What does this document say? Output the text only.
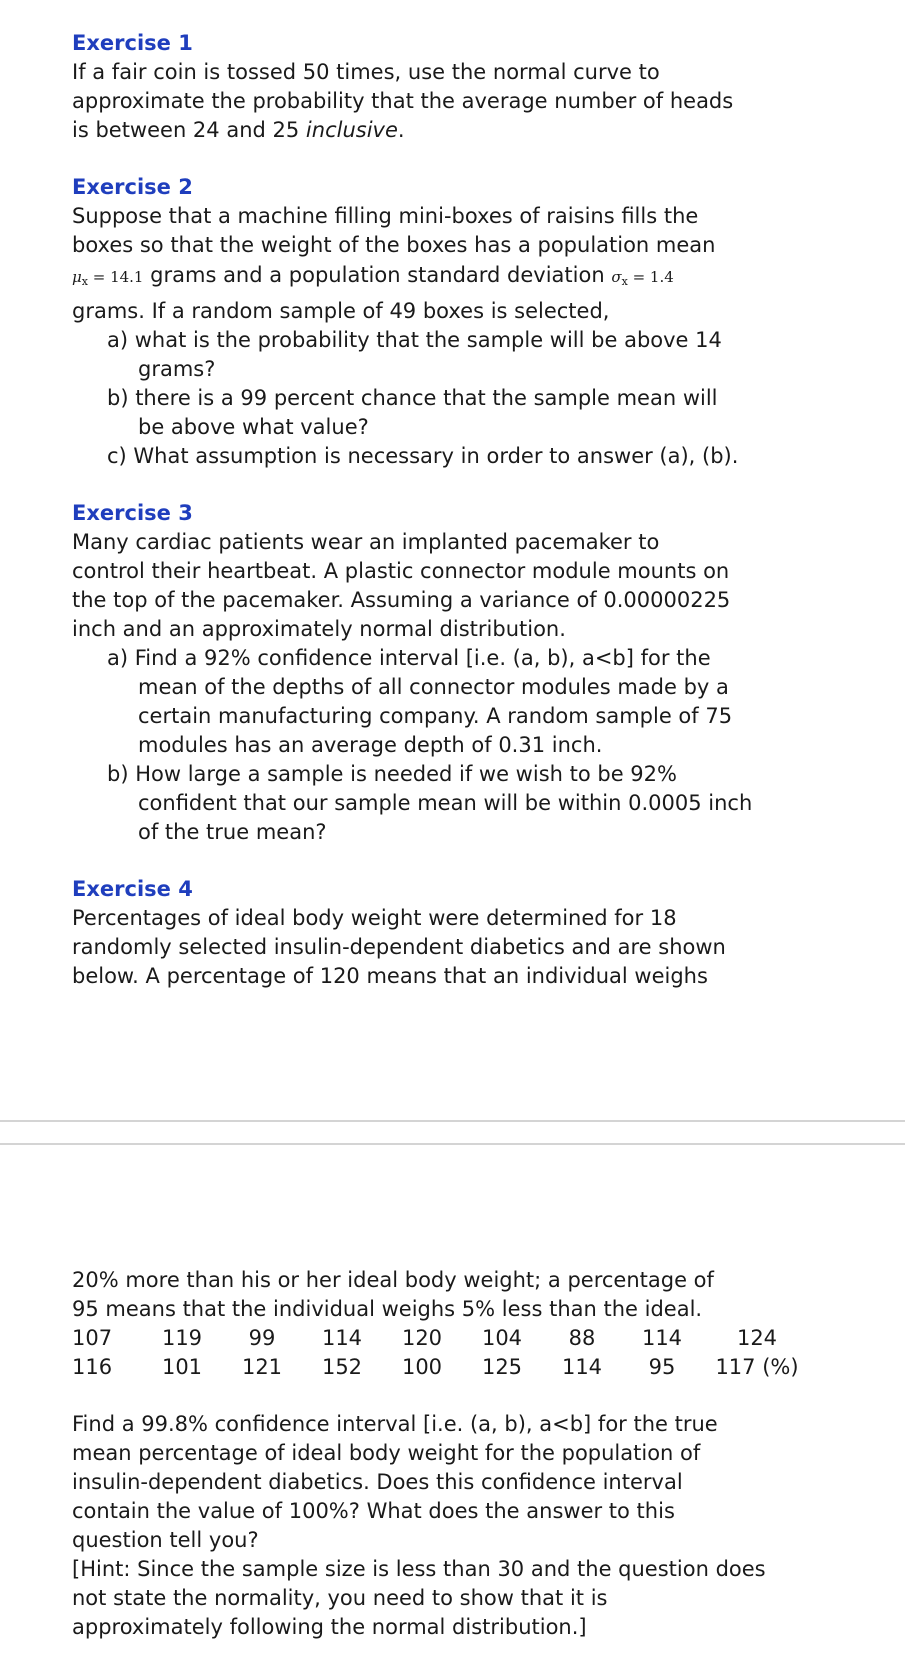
Exercise 1

If a fair coin is tossed 50 times, use the normal curve to

approximate the probability that the average number of heads

is between 24 and 25 inclusive.

Exercise 2

Suppose that a machine filling mini-boxes of raisins fills the

boxes so that the weight of the boxes has a population mean

$\mu_x = 14.1$ grams and a population standard deviation $\sigma_x = 1.4$

grams. If a random sample of 49 boxes is selected,

a) what is the probability that the sample will be above 14
grams?

b) there is a 99 percent chance that the sample mean will
be above what value?

c) What assumption is necessary in order to answer (a), (b).

Exercise 3

Many cardiac patients wear an implanted pacemaker to

control their heartbeat. A plastic connector module mounts on

the top of the pacemaker. Assuming a variance of 0.00000225

inch and an approximately normal distribution.

a) Find a 92% confidence interval [i.e. (a, b), a<b] for the
mean of the depths of all connector modules made by a
certain manufacturing company. A random sample of 75
modules has an average depth of 0.31 inch.

b) How large a sample is needed if we wish to be 92%
confident that our sample mean will be within 0.0005 inch
of the true mean?

Exercise 4

Percentages of ideal body weight were determined for 18

randomly selected insulin-dependent diabetics and are shown

below. A percentage of 120 means that an individual weighs

20% more than his or her ideal body weight; a percentage of

95 means that the individual weighs 5% less than the ideal.

107	119	99	114	120	104	88	114	124
116	101	121	152	100	125	114	95	117 (%)

Find a 99.8% confidence interval [i.e. (a, b), a<b] for the true

mean percentage of ideal body weight for the population of

insulin-dependent diabetics. Does this confidence interval

contain the value of 100%? What does the answer to this

question tell you?

[Hint: Since the sample size is less than 30 and the question does

not state the normality, you need to show that it is

approximately following the normal distribution.]
